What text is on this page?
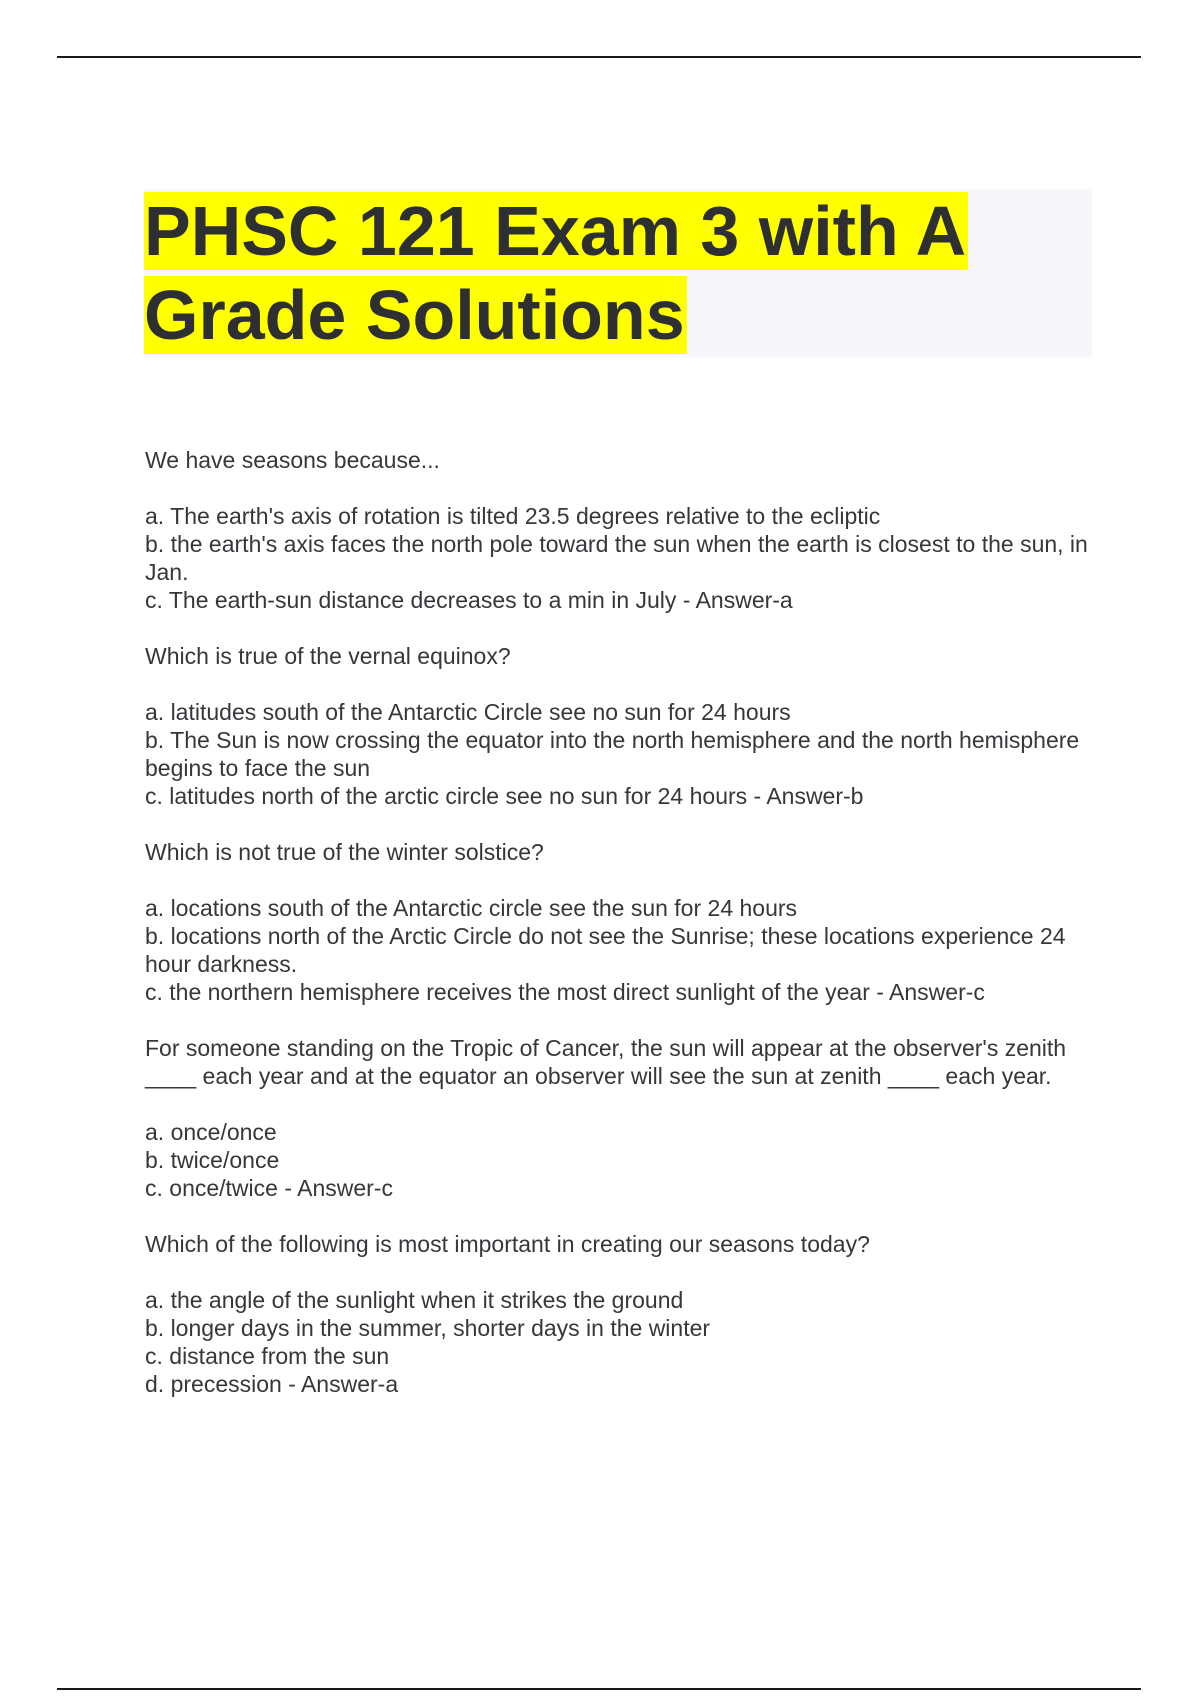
PHSC 121 Exam 3 with A
Grade Solutions

We have seasons because...

a. The earth's axis of rotation is tilted 23.5 degrees relative to the ecliptic

b. the earth's axis faces the north pole toward the sun when the earth is closest to the sun, in Jan.

c. The earth-sun distance decreases to a min in July - Answer-a

Which is true of the vernal equinox?

a. latitudes south of the Antarctic Circle see no sun for 24 hours

b. The Sun is now crossing the equator into the north hemisphere and the north hemisphere begins to face the sun

c. latitudes north of the arctic circle see no sun for 24 hours - Answer-b

Which is not true of the winter solstice?

a. locations south of the Antarctic circle see the sun for 24 hours

b. locations north of the Arctic Circle do not see the Sunrise; these locations experience 24 hour darkness.

c. the northern hemisphere receives the most direct sunlight of the year - Answer-c

For someone standing on the Tropic of Cancer, the sun will appear at the observer's zenith ____ each year and at the equator an observer will see the sun at zenith ____ each year.

a. once/once

b. twice/once

c. once/twice - Answer-c

Which of the following is most important in creating our seasons today?

a. the angle of the sunlight when it strikes the ground

b. longer days in the summer, shorter days in the winter

c. distance from the sun

d. precession - Answer-a
